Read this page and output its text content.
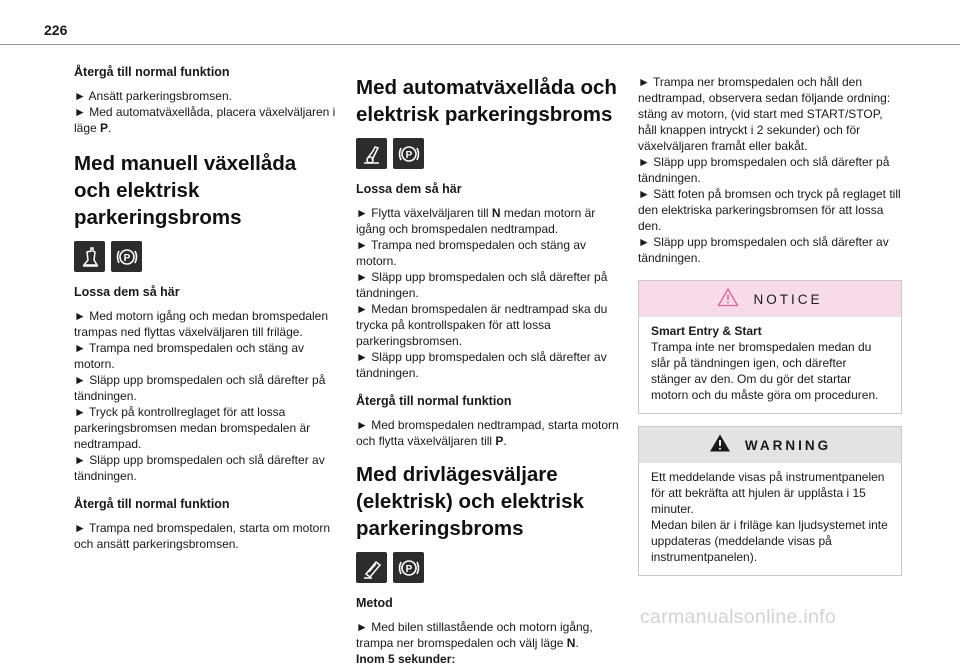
226
Återgå till normal funktion
► Ansätt parkeringsbromsen.
► Med automatväxellåda, placera växelväljaren i läge P.
Med manuell växellåda och elektrisk parkeringsbroms
P
Lossa dem så här
► Med motorn igång och medan bromspedalen trampas ned flyttas växelväljaren till friläge.
► Trampa ned bromspedalen och stäng av motorn.
► Släpp upp bromspedalen och slå därefter på tändningen.
► Tryck på kontrollreglaget för att lossa parkeringsbromsen medan bromspedalen är nedtrampad.
► Släpp upp bromspedalen och slå därefter av tändningen.
Återgå till normal funktion
► Trampa ned bromspedalen, starta om motorn och ansätt parkeringsbromsen.
Med automatväxellåda och elektrisk parkeringsbroms
P
Lossa dem så här
► Flytta växelväljaren till N medan motorn är igång och bromspedalen nedtrampad.
► Trampa ned bromspedalen och stäng av motorn.
► Släpp upp bromspedalen och slå därefter på tändningen.
► Medan bromspedalen är nedtrampad ska du trycka på kontrollspaken för att lossa parkeringsbromsen.
► Släpp upp bromspedalen och slå därefter av tändningen.
Återgå till normal funktion
► Med bromspedalen nedtrampad, starta motorn och flytta växelväljaren till P.
Med drivlägesväljare (elektrisk) och elektrisk parkeringsbroms
P
Metod
► Med bilen stillastående och motorn igång, trampa ner bromspedalen och välj läge N.
Inom 5 sekunder:
► Trampa ner bromspedalen och håll den nedtrampad, observera sedan följande ordning: stäng av motorn, (vid start med START/STOP, håll knappen intryckt i 2 sekunder) och för växelväljaren framåt eller bakåt.
► Släpp upp bromspedalen och slå därefter på tändningen.
► Sätt foten på bromsen och tryck på reglaget till den elektriska parkeringsbromsen för att lossa den.
► Släpp upp bromspedalen och slå därefter av tändningen.
NOTICE
Smart Entry & Start
Trampa inte ner bromspedalen medan du slår på tändningen igen, och därefter stänger av den. Om du gör det startar motorn och du måste göra om proceduren.
WARNING
Ett meddelande visas på instrumentpanelen för att bekräfta att hjulen är upplåsta i 15 minuter.
Medan bilen är i friläge kan ljudsystemet inte uppdateras (meddelande visas på instrumentpanelen).
carmanualsonline.info
